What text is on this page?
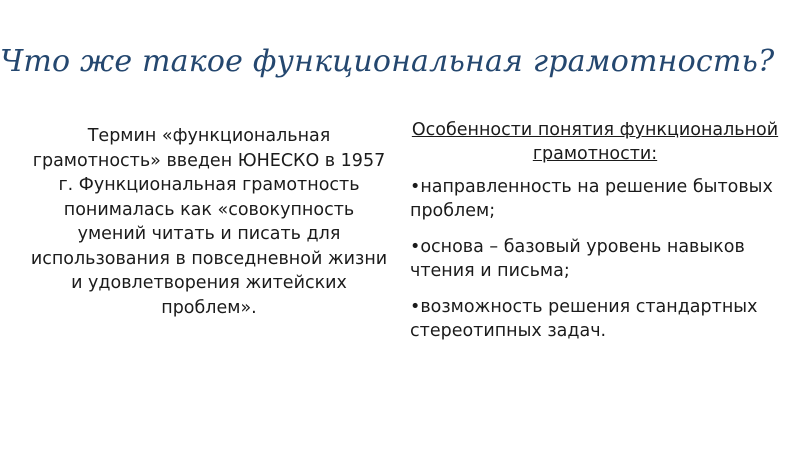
Что же такое функциональная грамотность?
Термин «функциональная грамотность» введен ЮНЕСКО в 1957 г. Функциональная грамотность понималась как «совокупность умений читать и писать для использования в повседневной жизни и удовлетворения житейских проблем».
Особенности понятия функциональной грамотности:
•направленность на решение бытовых проблем;
•основа – базовый уровень навыков чтения и письма;
•возможность решения стандартных стереотипных задач.
